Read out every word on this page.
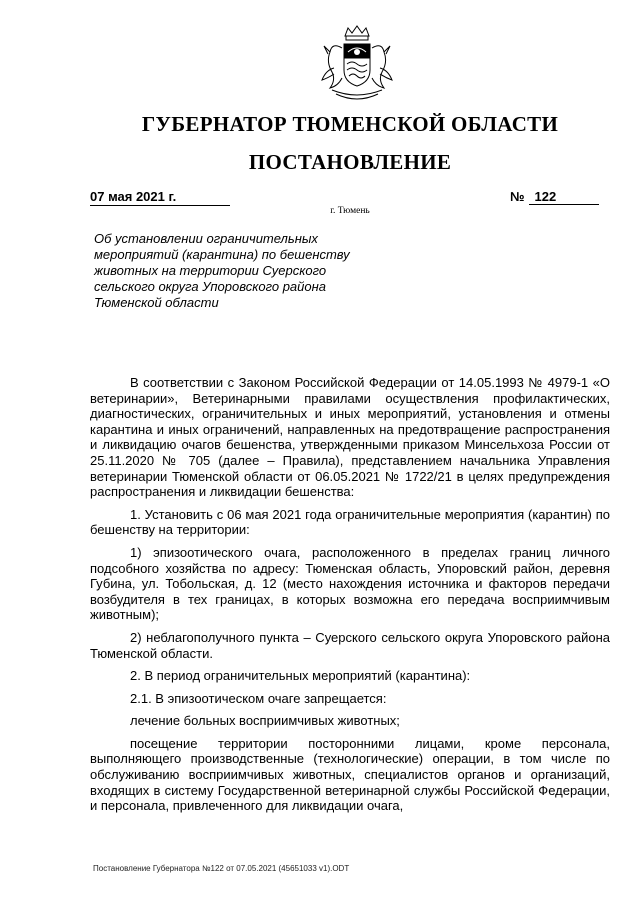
ГУБЕРНАТОР ТЮМЕНСКОЙ ОБЛАСТИ
ПОСТАНОВЛЕНИЕ
07 мая 2021 г.	№ 122
г. Тюмень
Об установлении ограничительных мероприятий (карантина) по бешенству животных на территории Суерского сельского округа Упоровского района Тюменской области

В соответствии с Законом Российской Федерации от 14.05.1993 № 4979-1 «О ветеринарии», Ветеринарными правилами осуществления профилактических, диагностических, ограничительных и иных мероприятий, установления и отмены карантина и иных ограничений, направленных на предотвращение распространения и ликвидацию очагов бешенства, утвержденными приказом Минсельхоза России от 25.11.2020 № 705 (далее – Правила), представлением начальника Управления ветеринарии Тюменской области от 06.05.2021 № 1722/21 в целях предупреждения распространения и ликвидации бешенства:

1. Установить с 06 мая 2021 года ограничительные мероприятия (карантин) по бешенству на территории:

1) эпизоотического очага, расположенного в пределах границ личного подсобного хозяйства по адресу: Тюменская область, Упоровский район, деревня Губина, ул. Тобольская, д. 12 (место нахождения источника и факторов передачи возбудителя в тех границах, в которых возможна его передача восприимчивым животным);

2) неблагополучного пункта – Суерского сельского округа Упоровского района Тюменской области.

2. В период ограничительных мероприятий (карантина):

2.1. В эпизоотическом очаге запрещается:

лечение больных восприимчивых животных;

посещение территории посторонними лицами, кроме персонала, выполняющего производственные (технологические) операции, в том числе по обслуживанию восприимчивых животных, специалистов органов и организаций, входящих в систему Государственной ветеринарной службы Российской Федерации, и персонала, привлеченного для ликвидации очага,

Постановление Губернатора №122 от 07.05.2021 (45651033 v1).ODT
